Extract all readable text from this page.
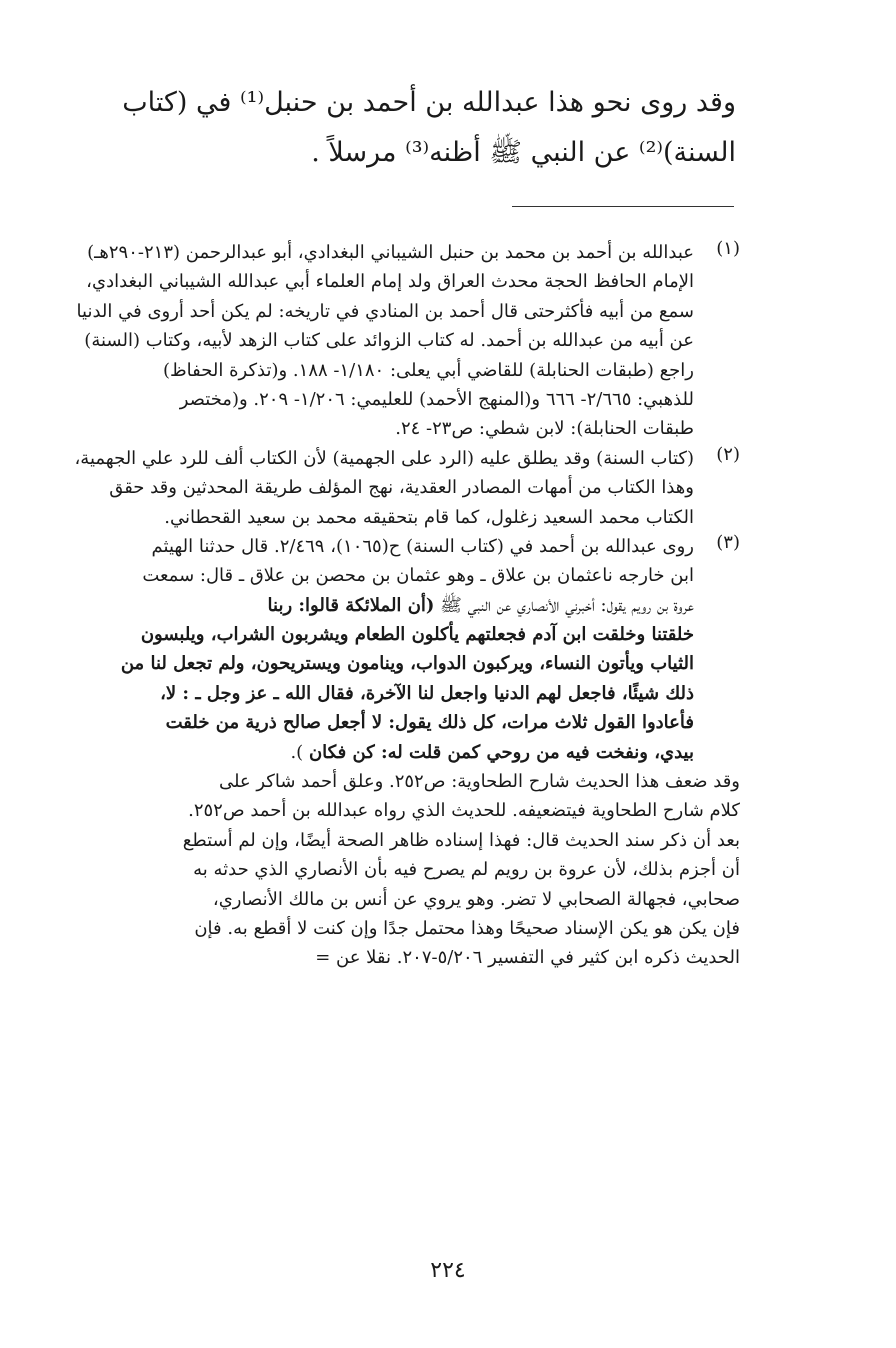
وقد روى نحو هذا عبدالله بن أحمد بن حنبل⁽¹⁾ في (كتاب
السنة)⁽²⁾ عن النبي ﷺ أظنه⁽³⁾ مرسلاً .
(١)
عبدالله بن أحمد بن محمد بن حنبل الشيباني البغدادي، أبو عبدالرحمن (٢١٣-٢٩٠هـ)
الإمام الحافظ الحجة محدث العراق ولد إمام العلماء أبي عبدالله الشيباني البغدادي،
سمع من أبيه فأكثرحتى قال أحمد بن المنادي في تاريخه: لم يكن أحد أروى في الدنيا
عن أبيه من عبدالله بن أحمد. له كتاب الزوائد على كتاب الزهد لأبيه، وكتاب (السنة)
راجع (طبقات الحنابلة) للقاضي أبي يعلى: ١/١٨٠- ١٨٨. و(تذكرة الحفاظ)
للذهبي: ٢/٦٦٥- ٦٦٦ و(المنهج الأحمد) للعليمي: ١/٢٠٦- ٢٠٩. و(مختصر
طبقات الحنابلة): لابن شطي: ص٢٣- ٢٤.
(٢)
(كتاب السنة) وقد يطلق عليه (الرد على الجهمية) لأن الكتاب ألف للرد علي الجهمية،
وهذا الكتاب من أمهات المصادر العقدية، نهج المؤلف طريقة المحدثين وقد حقق
الكتاب محمد السعيد زغلول، كما قام بتحقيقه محمد بن سعيد القحطاني.
(٣)
روى عبدالله بن أحمد في (كتاب السنة) ح(١٠٦٥)، ٢/٤٦٩. قال حدثنا الهيثم
ابن خارجه ناعثمان بن علاق ـ وهو عثمان بن محصن بن علاق ـ قال: سمعت
عروة بن رويم يقول: أخبرني الأنصاري عن النبي ﷺ (أن الملائكة قالوا: ربنا
خلقتنا وخلقت ابن آدم فجعلتهم يأكلون الطعام ويشربون الشراب، ويلبسون
الثياب ويأتون النساء، ويركبون الدواب، وينامون ويستريحون، ولم تجعل لنا من
ذلك شيئًا، فاجعل لهم الدنيا واجعل لنا الآخرة، فقال الله ـ عز وجل ـ : لا،
فأعادوا القول ثلاث مرات، كل ذلك يقول: لا أجعل صالح ذرية من خلقت
بيدي، ونفخت فيه من روحي كمن قلت له: كن فكان ).
وقد ضعف هذا الحديث شارح الطحاوية: ص٢٥٢. وعلق أحمد شاكر على
كلام شارح الطحاوية فيتضعيفه. للحديث الذي رواه عبدالله بن أحمد ص٢٥٢.
بعد أن ذكر سند الحديث قال: فهذا إسناده ظاهر الصحة أيضًا، وإن لم أستطع
أن أجزم بذلك، لأن عروة بن رويم لم يصرح فيه بأن الأنصاري الذي حدثه به
صحابي، فجهالة الصحابي لا تضر. وهو يروي عن أنس بن مالك الأنصاري،
فإن يكن هو يكن الإسناد صحيحًا وهذا محتمل جدًا وإن كنت لا أقطع به. فإن
الحديث ذكره ابن كثير في التفسير ٥/٢٠٦-٢٠٧. نقلا عن =
٢٢٤
